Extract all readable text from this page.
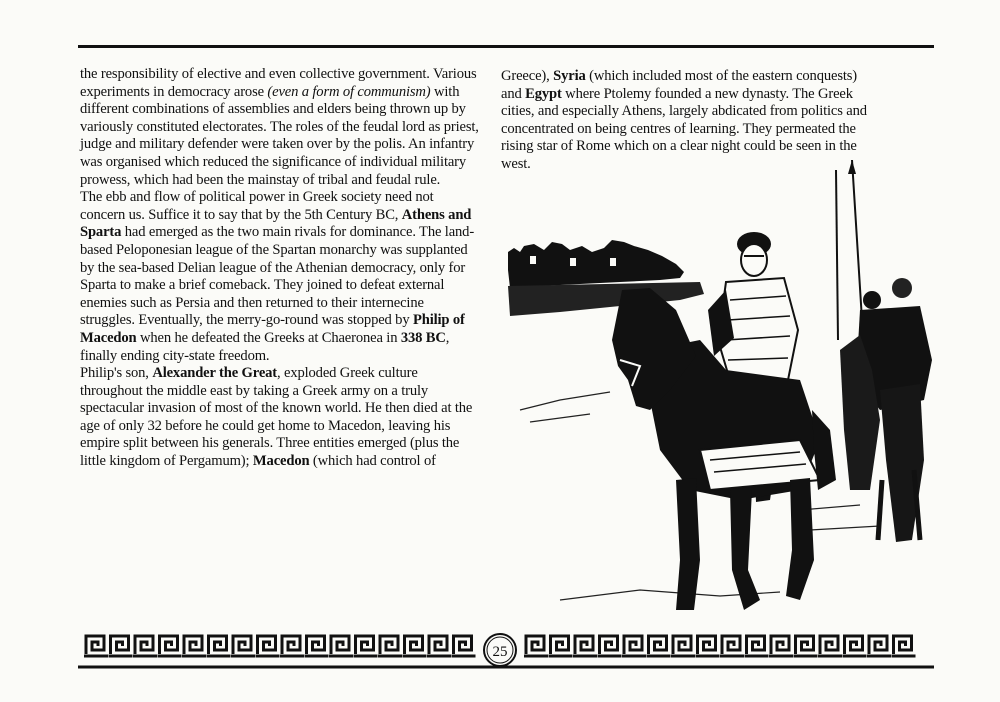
the responsibility of elective and even collective government. Various experiments in democracy arose (even a form of communism) with different combinations of assemblies and elders being thrown up by variously constituted electorates. The roles of the feudal lord as priest, judge and military defender were taken over by the polis. An infantry was organised which reduced the significance of individual military prowess, which had been the mainstay of tribal and feudal rule.

The ebb and flow of political power in Greek society need not concern us. Suffice it to say that by the 5th Century BC, Athens and Sparta had emerged as the two main rivals for dominance. The land-based Peloponesian league of the Spartan monarchy was supplanted by the sea-based Delian league of the Athenian democracy, only for Sparta to make a brief comeback. They joined to defeat external enemies such as Persia and then returned to their internecine struggles. Eventually, the merry-go-round was stopped by Philip of Macedon when he defeated the Greeks at Chaeronea in 338 BC, finally ending city-state freedom.

Philip's son, Alexander the Great, exploded Greek culture throughout the middle east by taking a Greek army on a truly spectacular invasion of most of the known world. He then died at the age of only 32 before he could get home to Macedon, leaving his empire split between his generals. Three entities emerged (plus the little kingdom of Pergamum); Macedon (which had control of

Greece), Syria (which included most of the eastern conquests) and Egypt where Ptolemy founded a new dynasty. The Greek cities, and especially Athens, largely abdicated from politics and concentrated on being centres of learning. They permeated the rising star of Rome which on a clear night could be seen in the west.

25
